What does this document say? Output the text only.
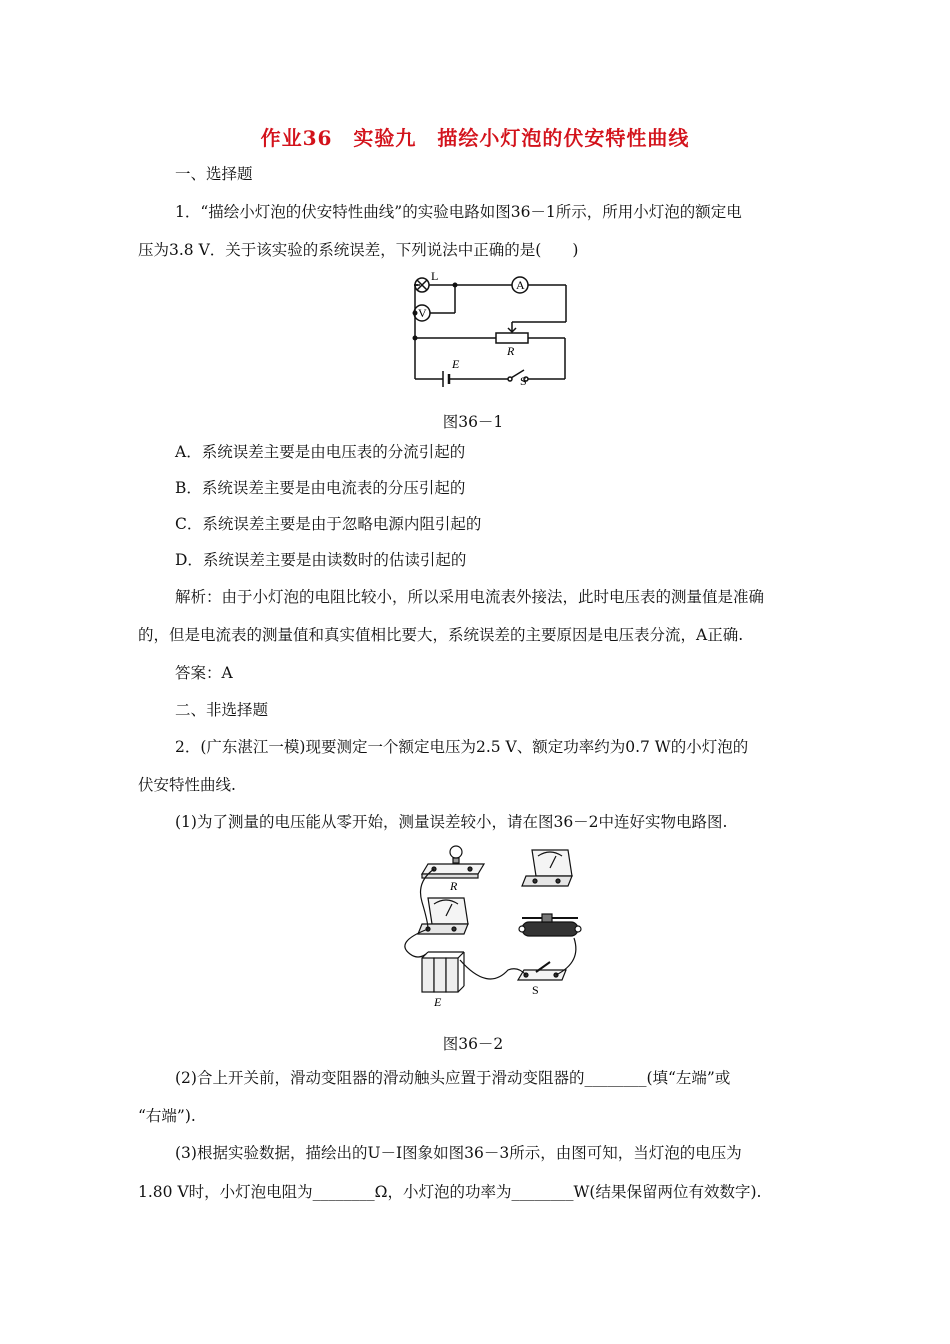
作业36　实验九　描绘小灯泡的伏安特性曲线
一、选择题
1．“描绘小灯泡的伏安特性曲线”的实验电路如图36－1所示，所用小灯泡的额定电
压为3.8 V．关于该实验的系统误差，下列说法中正确的是(　　)
L
A
V
R
E
S
图36－1
A．系统误差主要是由电压表的分流引起的
B．系统误差主要是由电流表的分压引起的
C．系统误差主要是由于忽略电源内阻引起的
D．系统误差主要是由读数时的估读引起的
解析：由于小灯泡的电阻比较小，所以采用电流表外接法，此时电压表的测量值是准确
的，但是电流表的测量值和真实值相比要大，系统误差的主要原因是电压表分流，A正确.
答案：A
二、非选择题
2．(广东湛江一模)现要测定一个额定电压为2.5 V、额定功率约为0.7 W的小灯泡的
伏安特性曲线.
(1)为了测量的电压能从零开始，测量误差较小，请在图36－2中连好实物电路图.
R
E
S
图36－2
(2)合上开关前，滑动变阻器的滑动触头应置于滑动变阻器的________(填“左端”或
“右端”).
(3)根据实验数据，描绘出的U－I图象如图36－3所示，由图可知，当灯泡的电压为
1.80 V时，小灯泡电阻为________Ω，小灯泡的功率为________W(结果保留两位有效数字).
